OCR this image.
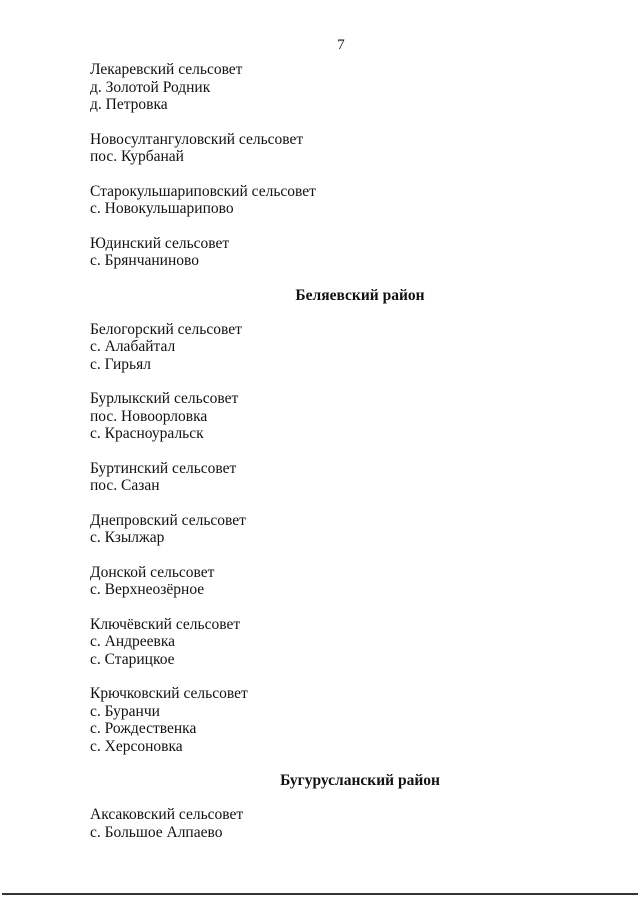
7
Лекаревский сельсовет
д. Золотой Родник
д. Петровка
Новосултангуловский сельсовет
пос. Курбанай
Старокульшариповский сельсовет
с. Новокульшарипово
Юдинский сельсовет
с. Брянчаниново
Беляевский район
Белогорский сельсовет
с. Алабайтал
с. Гирьял
Бурлыкский сельсовет
пос. Новоорловка
с. Красноуральск
Буртинский сельсовет
пос. Сазан
Днепровский сельсовет
с. Кзылжар
Донской сельсовет
с. Верхнеозёрное
Ключёвский сельсовет
с. Андреевка
с. Старицкое
Крючковский сельсовет
с. Буранчи
с. Рождественка
с. Херсоновка
Бугурусланский район
Аксаковский сельсовет
с. Большое Алпаево
